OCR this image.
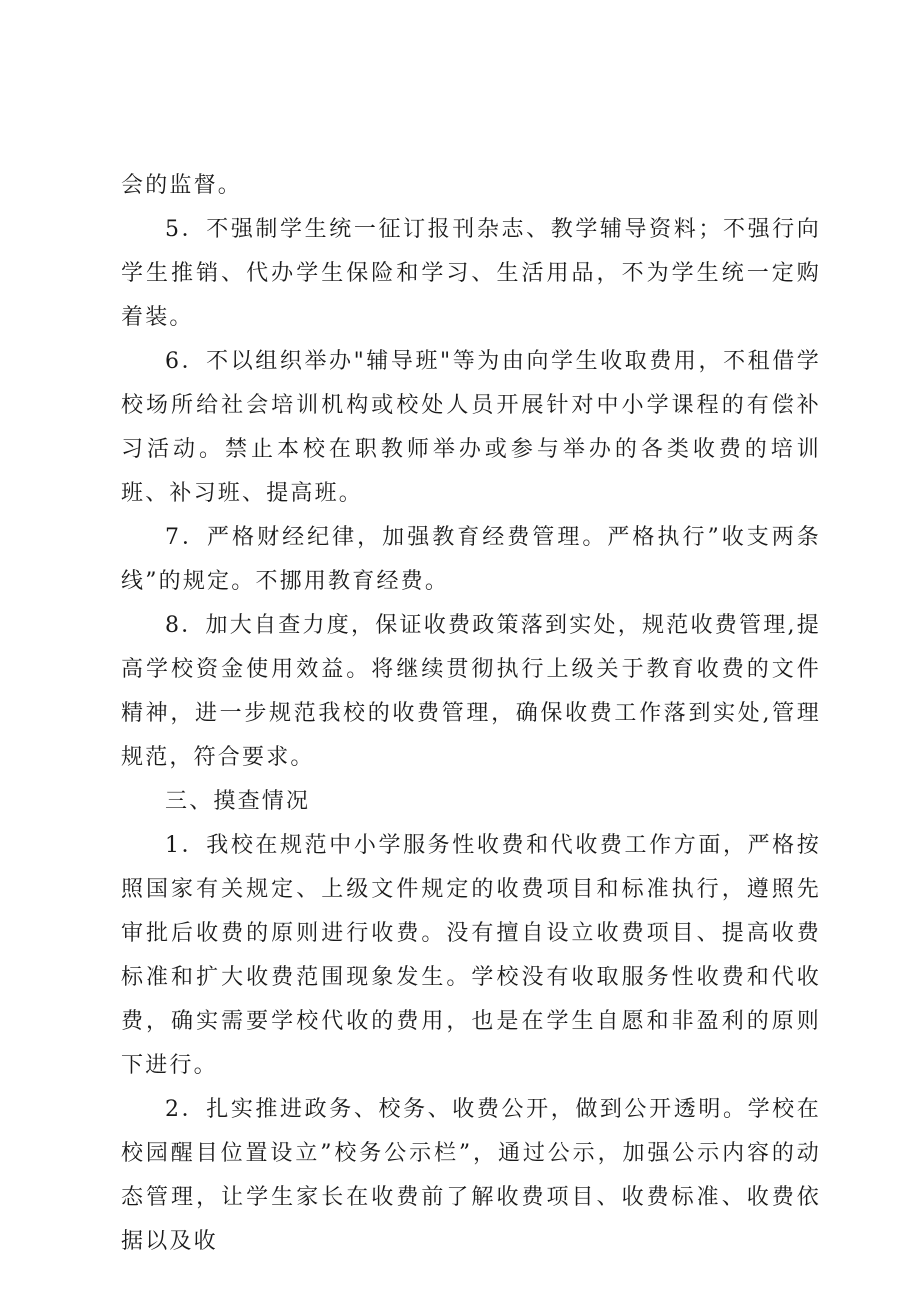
会的监督。

5．不强制学生统一征订报刊杂志、教学辅导资料；不强行向学生推销、代办学生保险和学习、生活用品，不为学生统一定购着装。

6．不以组织举办"辅导班"等为由向学生收取费用，不租借学校场所给社会培训机构或校处人员开展针对中小学课程的有偿补习活动。禁止本校在职教师举办或参与举办的各类收费的培训班、补习班、提高班。

7．严格财经纪律，加强教育经费管理。严格执行”收支两条线”的规定。不挪用教育经费。

8．加大自查力度，保证收费政策落到实处，规范收费管理,提高学校资金使用效益。将继续贯彻执行上级关于教育收费的文件精神，进一步规范我校的收费管理，确保收费工作落到实处,管理规范，符合要求。

三、摸查情况

1．我校在规范中小学服务性收费和代收费工作方面，严格按照国家有关规定、上级文件规定的收费项目和标准执行，遵照先审批后收费的原则进行收费。没有擅自设立收费项目、提高收费标准和扩大收费范围现象发生。学校没有收取服务性收费和代收费，确实需要学校代收的费用，也是在学生自愿和非盈利的原则下进行。

2．扎实推进政务、校务、收费公开，做到公开透明。学校在校园醒目位置设立”校务公示栏”，通过公示，加强公示内容的动态管理，让学生家长在收费前了解收费项目、收费标准、收费依据以及收
